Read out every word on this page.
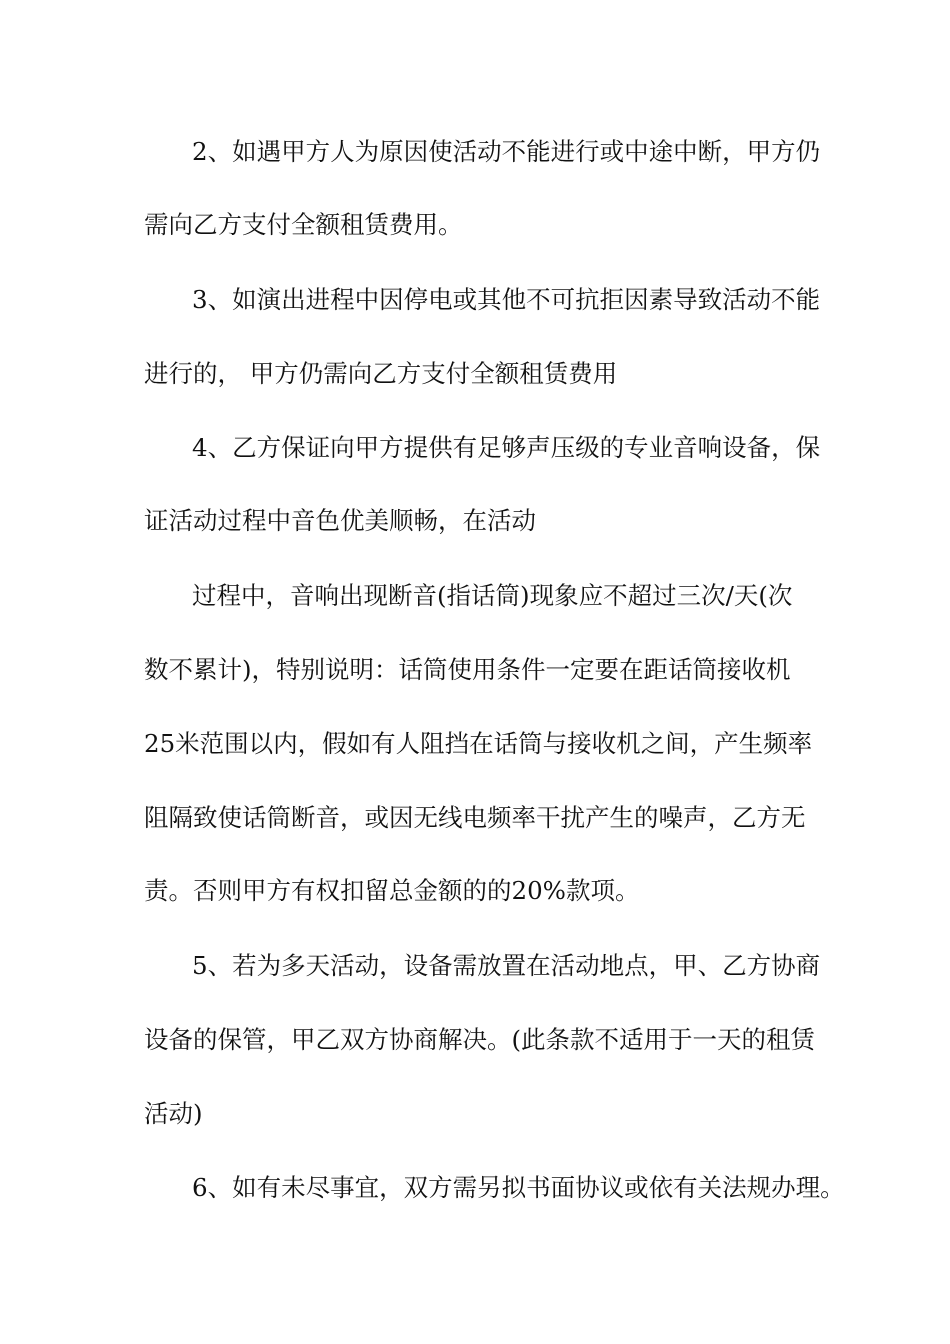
2、如遇甲方人为原因使活动不能进行或中途中断，甲方仍

需向乙方支付全额租赁费用。

3、如演出进程中因停电或其他不可抗拒因素导致活动不能

进行的， 甲方仍需向乙方支付全额租赁费用

4、乙方保证向甲方提供有足够声压级的专业音响设备，保

证活动过程中音色优美顺畅，在活动

过程中，音响出现断音(指话筒)现象应不超过三次/天(次

数不累计)，特别说明：话筒使用条件一定要在距话筒接收机

25米范围以内，假如有人阻挡在话筒与接收机之间，产生频率

阻隔致使话筒断音，或因无线电频率干扰产生的噪声，乙方无

责。否则甲方有权扣留总金额的的20%款项。

5、若为多天活动，设备需放置在活动地点，甲、乙方协商

设备的保管，甲乙双方协商解决。(此条款不适用于一天的租赁

活动)

6、如有未尽事宜，双方需另拟书面协议或依有关法规办理。
